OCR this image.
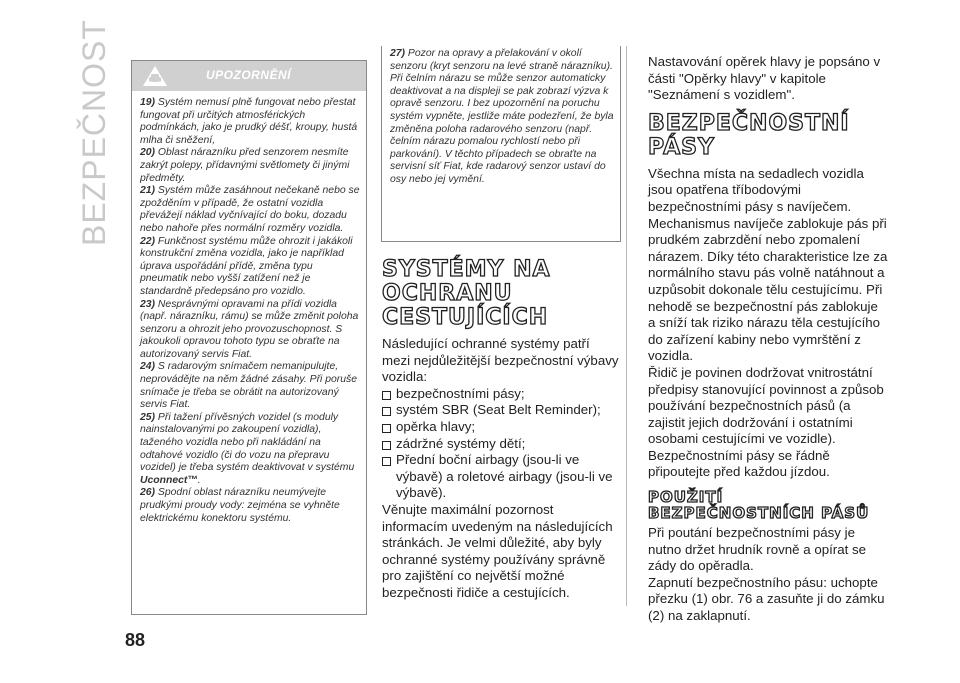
BEZPEČNOST	UPOZORNĚNÍ

19) Systém nemusí plně fungovat nebo přestat fungovat při určitých atmosférických podmínkách, jako je prudký déšť, kroupy, hustá mlha či sněžení,

20) Oblast nárazníku před senzorem nesmíte zakrýt polepy, přídavnými světlomety či jinými předměty.

21) Systém může zasáhnout nečekaně nebo se zpožděním v případě, že ostatní vozidla převážejí náklad vyčnívající do boku, dozadu nebo nahoře přes normální rozměry vozidla.

22) Funkčnost systému může ohrozit i jakákoli konstrukční změna vozidla, jako je například úprava uspořádání přídě, změna typu pneumatik nebo vyšší zatížení než je standardně předepsáno pro vozidlo.

23) Nesprávnými opravami na přídi vozidla (např. nárazníku, rámu) se může změnit poloha senzoru a ohrozit jeho provozuschopnost. S jakoukoli opravou tohoto typu se obraťte na autorizovaný servis Fiat.

24) S radarovým snímačem nemanipulujte, neprovádějte na něm žádné zásahy. Při poruše snímače je třeba se obrátit na autorizovaný servis Fiat.

25) Při tažení přívěsných vozidel (s moduly nainstalovanými po zakoupení vozidla), taženého vozidla nebo při nakládání na odtahové vozidlo (či do vozu na přepravu vozidel) je třeba systém deaktivovat v systému Uconnect™.

26) Spodní oblast nárazníku neumývejte prudkými proudy vody: zejména se vyhněte elektrickému konektoru systému.

88

27) Pozor na opravy a přelakování v okolí senzoru (kryt senzoru na levé straně nárazníku). Při čelním nárazu se může senzor automaticky deaktivovat a na displeji se pak zobrazí výzva k opravě senzoru. I bez upozornění na poruchu systém vypněte, jestliže máte podezření, že byla změněna poloha radarového senzoru (např. čelním nárazu pomalou rychlostí nebo při parkování). V těchto případech se obraťte na servisní síť Fiat, kde radarový senzor ustaví do osy nebo jej vymění.

SYSTÉMY NA OCHRANU CESTUJÍCÍCH

Následující ochranné systémy patří mezi nejdůležitější bezpečnostní výbavy vozidla:

bezpečnostními pásy;
systém SBR (Seat Belt Reminder);
opěrka hlavy;
zádržné systémy dětí;
Přední boční airbagy (jsou-li ve výbavě) a roletové airbagy (jsou-li ve výbavě).

Věnujte maximální pozornost informacím uvedeným na následujících stránkách. Je velmi důležité, aby byly ochranné systémy používány správně pro zajištění co největší možné bezpečnosti řidiče a cestujících.

Nastavování opěrek hlavy je popsáno v části "Opěrky hlavy" v kapitole "Seznámení s vozidlem".

BEZPEČNOSTNÍ PÁSY

Všechna místa na sedadlech vozidla jsou opatřena tříbodovými bezpečnostními pásy s navíječem. Mechanismus navíječe zablokuje pás při prudkém zabrzdění nebo zpomalení nárazem. Díky této charakteristice lze za normálního stavu pás volně natáhnout a uzpůsobit dokonale tělu cestujícímu. Při nehodě se bezpečnostní pás zablokuje a sníží tak riziko nárazu těla cestujícího do zařízení kabiny nebo vymrštění z vozidla.

Řidič je povinen dodržovat vnitrostátní předpisy stanovující povinnost a způsob používání bezpečnostních pásů (a zajistit jejich dodržování i ostatními osobami cestujícími ve vozidle).

Bezpečnostními pásy se řádně připoutejte před každou jízdou.

POUŽITÍ BEZPEČNOSTNÍCH PÁSŮ

Při poutání bezpečnostními pásy je nutno držet hrudník rovně a opírat se zády do opěradla.

Zapnutí bezpečnostního pásu: uchopte přezku (1) obr. 76 a zasuňte ji do zámku (2) na zaklapnutí.
